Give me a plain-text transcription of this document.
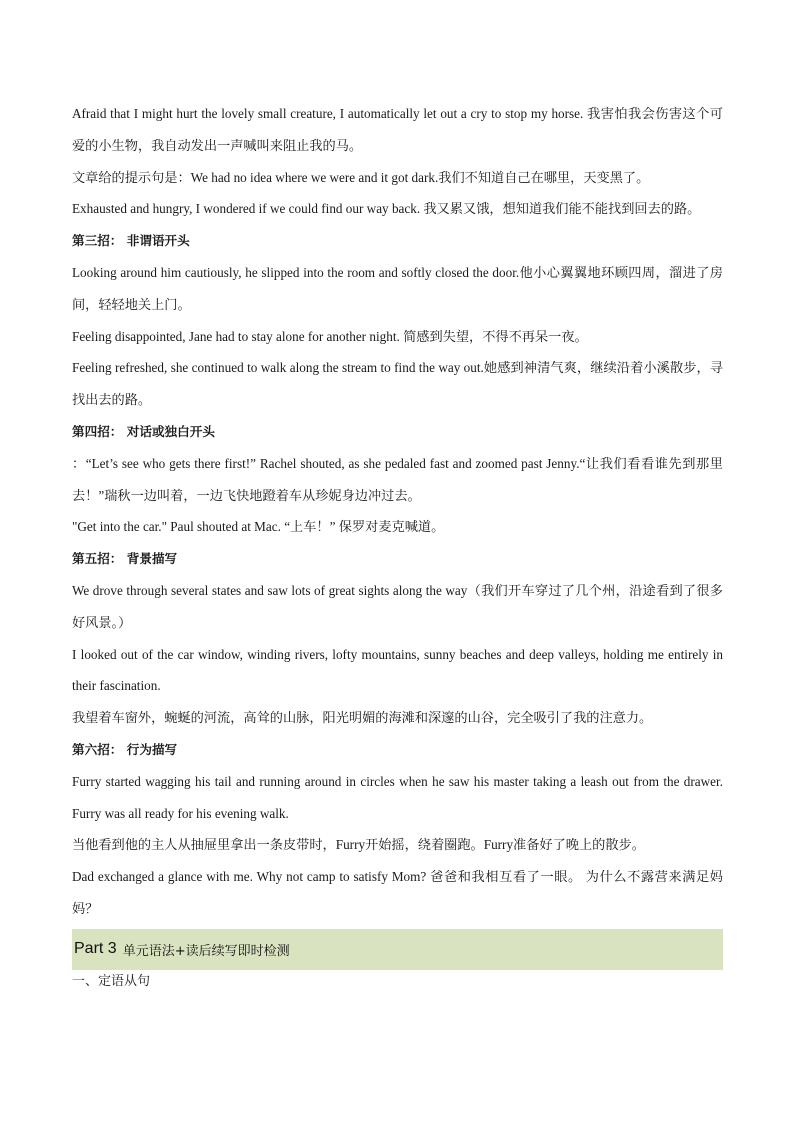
Afraid that I might hurt the lovely small creature, I automatically let out a cry to stop my horse. 我害怕我会伤害这个可爱的小生物，我自动发出一声喊叫来阻止我的马。

文章给的提示句是：We had no idea where we were and it got dark.我们不知道自己在哪里，天变黑了。

Exhausted and hungry, I wondered if we could find our way back. 我又累又饿，想知道我们能不能找到回去的路。

第三招： 非谓语开头

Looking around him cautiously, he slipped into the room and softly closed the door.他小心翼翼地环顾四周，溜进了房间，轻轻地关上门。

Feeling disappointed, Jane had to stay alone for another night. 简感到失望，不得不再呆一夜。

Feeling refreshed, she continued to walk along the stream to find the way out.她感到神清气爽，继续沿着小溪散步，寻找出去的路。

第四招： 对话或独白开头

：“Let’s see who gets there first!” Rachel shouted, as she pedaled fast and zoomed past Jenny.“让我们看看谁先到那里去！”瑞秋一边叫着，一边飞快地蹬着车从珍妮身边冲过去。

"Get into the car." Paul shouted at Mac. “上车！” 保罗对麦克喊道。

第五招： 背景描写

We drove through several states and saw lots of great sights along the way（我们开车穿过了几个州，沿途看到了很多好风景。）

I looked out of the car window, winding rivers, lofty mountains, sunny beaches and deep valleys, holding me entirely in their fascination.

我望着车窗外，蜿蜒的河流，高耸的山脉，阳光明媚的海滩和深邃的山谷，完全吸引了我的注意力。

第六招： 行为描写

Furry started wagging his tail and running around in circles when he saw his master taking a leash out from the drawer. Furry was all ready for his evening walk.

当他看到他的主人从抽屉里拿出一条皮带时，Furry开始摇，绕着圈跑。Furry准备好了晚上的散步。

Dad exchanged a glance with me. Why not camp to satisfy Mom? 爸爸和我相互看了一眼。 为什么不露营来满足妈妈？

Part 3 单元语法+读后续写即时检测

一、定语从句
